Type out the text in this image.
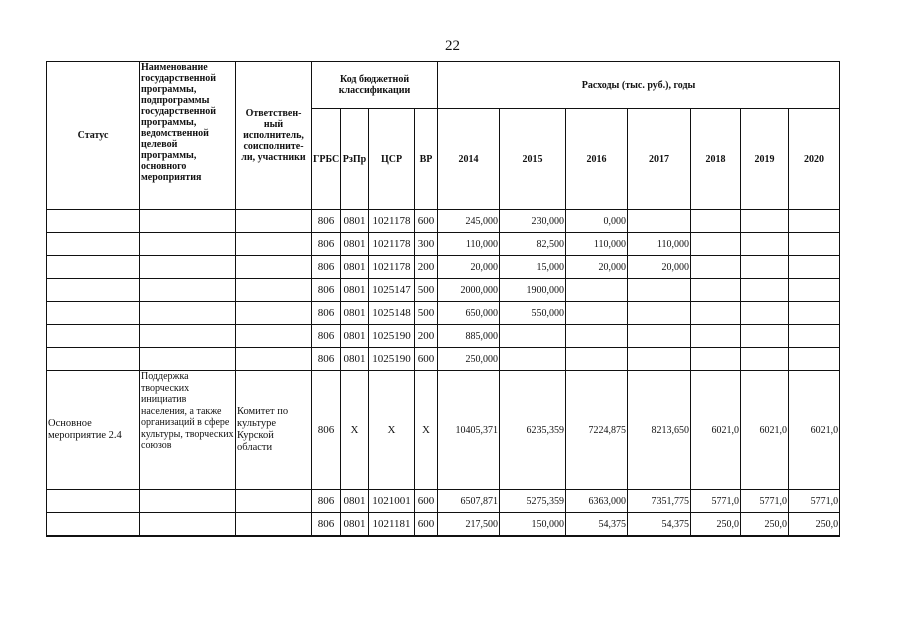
22
Статус	Наименование государственной программы, подпрограммы государственной программы, ведомственной целевой программы, основного мероприятия	Ответствен-ный исполнитель, соисполните-ли, участники	Код бюджетной классификации				Расходы (тыс. руб.), годы						
			ГРБС	РзПр	ЦСР	ВР	2014	2015	2016	2017	2018	2019	2020
			806	0801	1021178	600	245,000	230,000	0,000				
			806	0801	1021178	300	110,000	82,500	110,000	110,000			
			806	0801	1021178	200	20,000	15,000	20,000	20,000			
			806	0801	1025147	500	2000,000	1900,000					
			806	0801	1025148	500	650,000	550,000					
			806	0801	1025190	200	885,000						
			806	0801	1025190	600	250,000						
Основное мероприятие 2.4	Поддержка творческих инициатив населения, а также организаций в сфере культуры, творческих союзов	Комитет по культуре Курской области	806	Х	Х	Х	10405,371	6235,359	7224,875	8213,650	6021,0	6021,0	6021,0
			806	0801	1021001	600	6507,871	5275,359	6363,000	7351,775	5771,0	5771,0	5771,0
			806	0801	1021181	600	217,500	150,000	54,375	54,375	250,0	250,0	250,0
